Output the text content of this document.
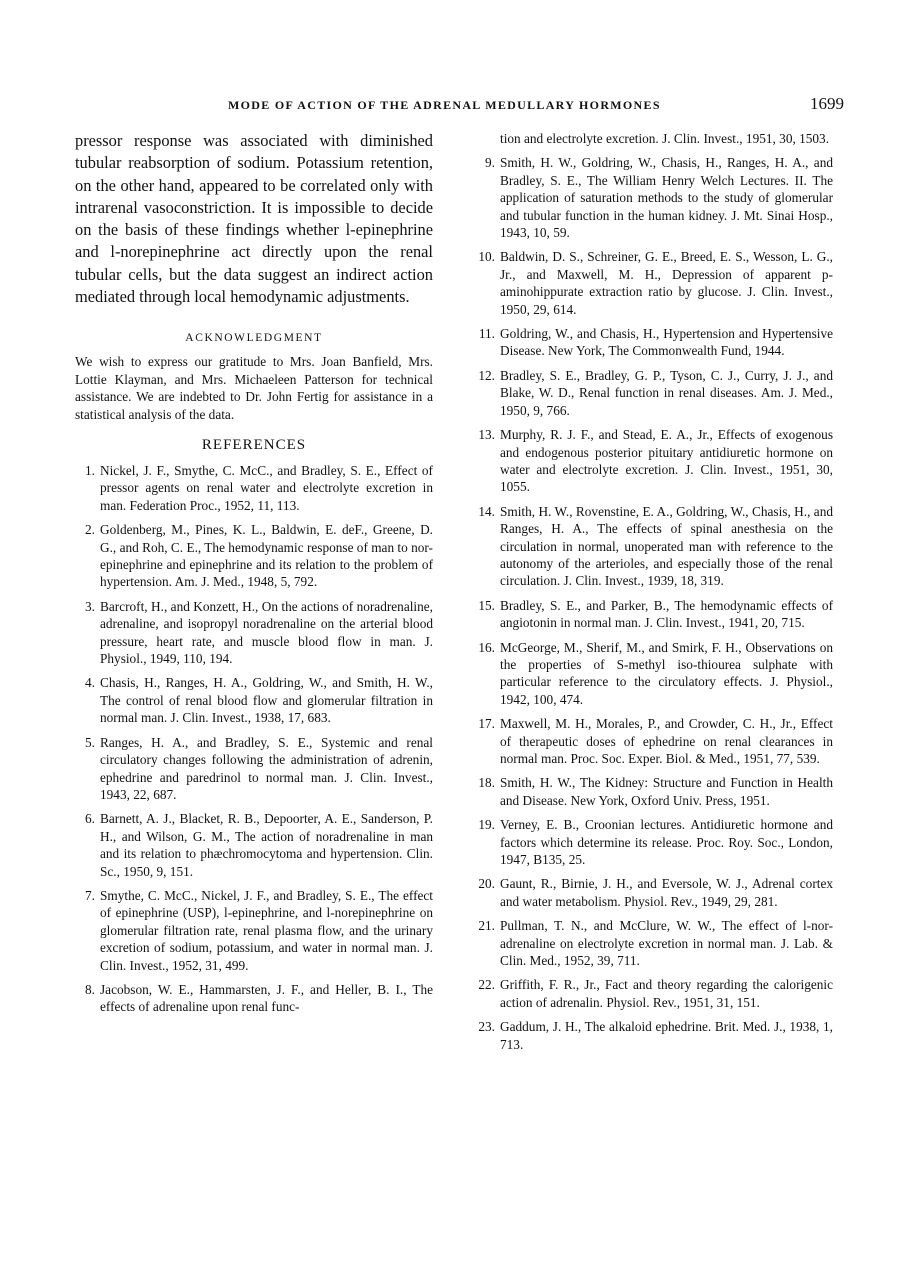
MODE OF ACTION OF THE ADRENAL MEDULLARY HORMONES	1699

pressor response was associated with diminished tubular reabsorption of sodium. Potassium retention, on the other hand, appeared to be correlated only with intrarenal vasoconstriction. It is impossible to decide on the basis of these findings whether l-epinephrine and l-norepinephrine act directly upon the renal tubular cells, but the data suggest an indirect action mediated through local hemodynamic adjustments.

ACKNOWLEDGMENT

We wish to express our gratitude to Mrs. Joan Banfield, Mrs. Lottie Klayman, and Mrs. Michaeleen Patterson for technical assistance. We are indebted to Dr. John Fertig for assistance in a statistical analysis of the data.

REFERENCES
1. Nickel, J. F., Smythe, C. McC., and Bradley, S. E., Effect of pressor agents on renal water and electrolyte excretion in man. Federation Proc., 1952, 11, 113.
2. Goldenberg, M., Pines, K. L., Baldwin, E. deF., Greene, D. G., and Roh, C. E., The hemodynamic response of man to nor-epinephrine and epinephrine and its relation to the problem of hypertension. Am. J. Med., 1948, 5, 792.
3. Barcroft, H., and Konzett, H., On the actions of noradrenaline, adrenaline, and isopropyl noradrenaline on the arterial blood pressure, heart rate, and muscle blood flow in man. J. Physiol., 1949, 110, 194.
4. Chasis, H., Ranges, H. A., Goldring, W., and Smith, H. W., The control of renal blood flow and glomerular filtration in normal man. J. Clin. Invest., 1938, 17, 683.
5. Ranges, H. A., and Bradley, S. E., Systemic and renal circulatory changes following the administration of adrenin, ephedrine and paredrinol to normal man. J. Clin. Invest., 1943, 22, 687.
6. Barnett, A. J., Blacket, R. B., Depoorter, A. E., Sanderson, P. H., and Wilson, G. M., The action of noradrenaline in man and its relation to phæchromocytoma and hypertension. Clin. Sc., 1950, 9, 151.
7. Smythe, C. McC., Nickel, J. F., and Bradley, S. E., The effect of epinephrine (USP), l-epinephrine, and l-norepinephrine on glomerular filtration rate, renal plasma flow, and the urinary excretion of sodium, potassium, and water in normal man. J. Clin. Invest., 1952, 31, 499.
8. Jacobson, W. E., Hammarsten, J. F., and Heller, B. I., The effects of adrenaline upon renal func-
tion and electrolyte excretion. J. Clin. Invest., 1951, 30, 1503.
9. Smith, H. W., Goldring, W., Chasis, H., Ranges, H. A., and Bradley, S. E., The William Henry Welch Lectures. II. The application of saturation methods to the study of glomerular and tubular function in the human kidney. J. Mt. Sinai Hosp., 1943, 10, 59.
10. Baldwin, D. S., Schreiner, G. E., Breed, E. S., Wesson, L. G., Jr., and Maxwell, M. H., Depression of apparent p-aminohippurate extraction ratio by glucose. J. Clin. Invest., 1950, 29, 614.
11. Goldring, W., and Chasis, H., Hypertension and Hypertensive Disease. New York, The Commonwealth Fund, 1944.
12. Bradley, S. E., Bradley, G. P., Tyson, C. J., Curry, J. J., and Blake, W. D., Renal function in renal diseases. Am. J. Med., 1950, 9, 766.
13. Murphy, R. J. F., and Stead, E. A., Jr., Effects of exogenous and endogenous posterior pituitary antidiuretic hormone on water and electrolyte excretion. J. Clin. Invest., 1951, 30, 1055.
14. Smith, H. W., Rovenstine, E. A., Goldring, W., Chasis, H., and Ranges, H. A., The effects of spinal anesthesia on the circulation in normal, unoperated man with reference to the autonomy of the arterioles, and especially those of the renal circulation. J. Clin. Invest., 1939, 18, 319.
15. Bradley, S. E., and Parker, B., The hemodynamic effects of angiotonin in normal man. J. Clin. Invest., 1941, 20, 715.
16. McGeorge, M., Sherif, M., and Smirk, F. H., Observations on the properties of S-methyl iso-thiourea sulphate with particular reference to the circulatory effects. J. Physiol., 1942, 100, 474.
17. Maxwell, M. H., Morales, P., and Crowder, C. H., Jr., Effect of therapeutic doses of ephedrine on renal clearances in normal man. Proc. Soc. Exper. Biol. & Med., 1951, 77, 539.
18. Smith, H. W., The Kidney: Structure and Function in Health and Disease. New York, Oxford Univ. Press, 1951.
19. Verney, E. B., Croonian lectures. Antidiuretic hormone and factors which determine its release. Proc. Roy. Soc., London, 1947, B135, 25.
20. Gaunt, R., Birnie, J. H., and Eversole, W. J., Adrenal cortex and water metabolism. Physiol. Rev., 1949, 29, 281.
21. Pullman, T. N., and McClure, W. W., The effect of l-nor-adrenaline on electrolyte excretion in normal man. J. Lab. & Clin. Med., 1952, 39, 711.
22. Griffith, F. R., Jr., Fact and theory regarding the calorigenic action of adrenalin. Physiol. Rev., 1951, 31, 151.
23. Gaddum, J. H., The alkaloid ephedrine. Brit. Med. J., 1938, 1, 713.
